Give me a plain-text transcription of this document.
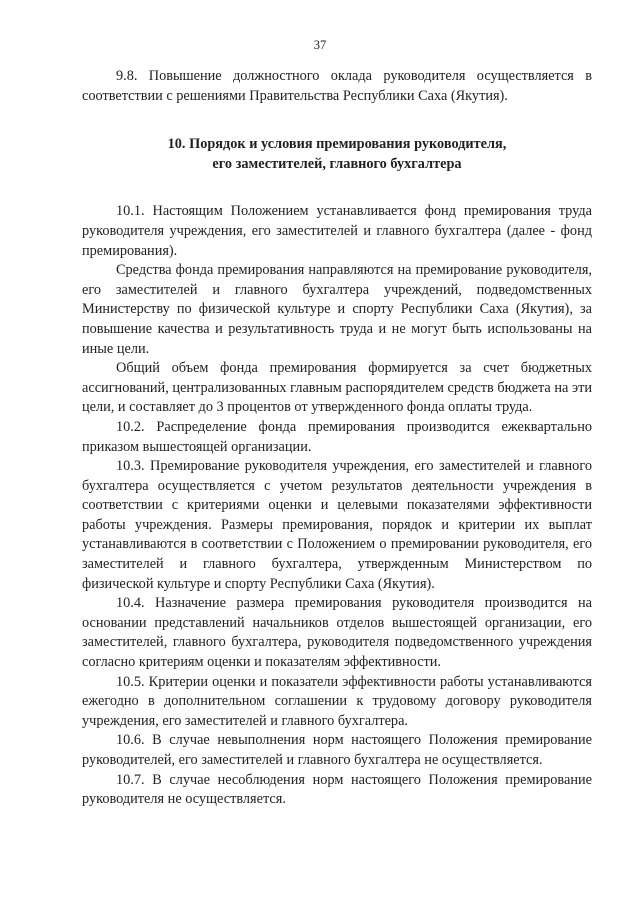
37

9.8. Повышение должностного оклада руководителя осуществляется в соответствии с решениями Правительства Республики Саха (Якутия).

10. Порядок и условия премирования руководителя,
его заместителей, главного бухгалтера

10.1. Настоящим Положением устанавливается фонд премирования труда руководителя учреждения, его заместителей и главного бухгалтера (далее - фонд премирования).

Средства фонда премирования направляются на премирование руководителя, его заместителей и главного бухгалтера учреждений, подведомственных Министерству по физической культуре и спорту Республики Саха (Якутия), за повышение качества и результативность труда и не могут быть использованы на иные цели.

Общий объем фонда премирования формируется за счет бюджетных ассигнований, централизованных главным распорядителем средств бюджета на эти цели, и составляет до 3 процентов от утвержденного фонда оплаты труда.

10.2. Распределение фонда премирования производится ежеквартально приказом вышестоящей организации.

10.3. Премирование руководителя учреждения, его заместителей и главного бухгалтера осуществляется с учетом результатов деятельности учреждения в соответствии с критериями оценки и целевыми показателями эффективности работы учреждения. Размеры премирования, порядок и критерии их выплат устанавливаются в соответствии с Положением о премировании руководителя, его заместителей и главного бухгалтера, утвержденным Министерством по физической культуре и спорту Республики Саха (Якутия).

10.4. Назначение размера премирования руководителя производится на основании представлений начальников отделов вышестоящей организации, его заместителей, главного бухгалтера, руководителя подведомственного учреждения согласно критериям оценки и показателям эффективности.

10.5. Критерии оценки и показатели эффективности работы устанавливаются ежегодно в дополнительном соглашении к трудовому договору руководителя учреждения, его заместителей и главного бухгалтера.

10.6. В случае невыполнения норм настоящего Положения премирование руководителей, его заместителей и главного бухгалтера не осуществляется.

10.7. В случае несоблюдения норм настоящего Положения премирование руководителя не осуществляется.
